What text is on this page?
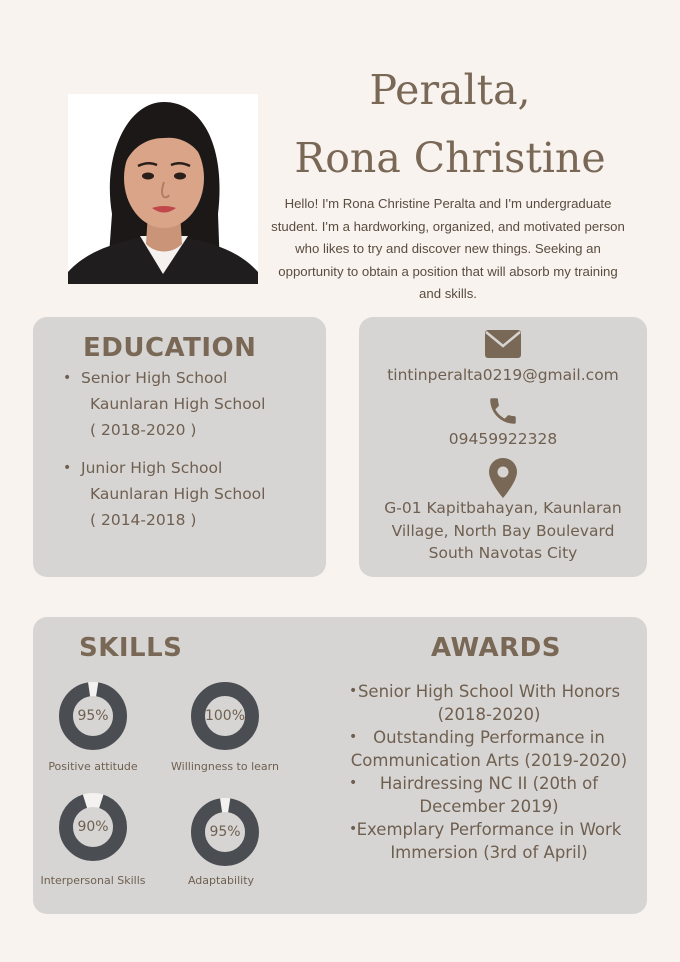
Peralta,
Rona Christine

Hello! I'm Rona Christine Peralta and I'm undergraduate student. I'm a hardworking, organized, and motivated person who likes to try and discover new things. Seeking an opportunity to obtain a position that will absorb my training and skills.

EDUCATION
• Senior High School
Kaunlaran High School
( 2018-2020 )
• Junior High School
Kaunlaran High School
( 2014-2018 )
tintinperalta0219@gmail.com
09459922328
G-01 Kapitbahayan, Kaunlaran Village, North Bay Boulevard South Navotas City
SKILLS
95%
Positive attitude
100%
Willingness to learn
90%
Interpersonal Skills
95%
Adaptability
AWARDS
• Senior High School With Honors (2018-2020)
• Outstanding Performance in Communication Arts (2019-2020)
• Hairdressing NC II (20th of December 2019)
• Exemplary Performance in Work Immersion (3rd of April)
